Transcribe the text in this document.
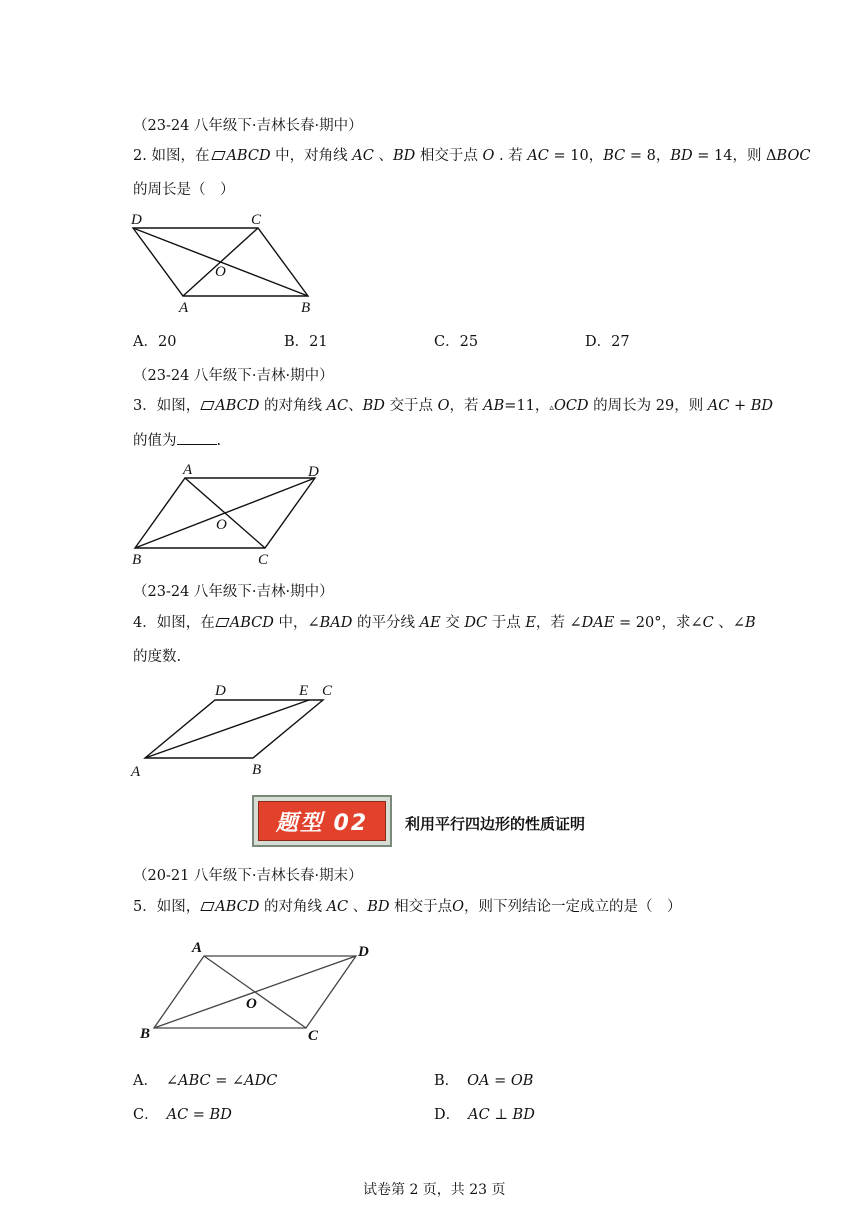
（23-24 八年级下·吉林长春·期中）
2. 如图，在 ABCD 中，对角线 AC 、BD 相交于点 O . 若 AC = 10，BC = 8，BD = 14，则 ΔBOC
的周长是（　）
D	C
O
A	B
A．20	B．21	C．25	D．27
（23-24 八年级下·吉林·期中）
3．如图， ABCD 的对角线 AC、BD 交于点 O，若 AB=11，▵OCD 的周长为 29，则 AC + BD
的值为	.
A	D
O
B	C
（23-24 八年级下·吉林·期中）
4．如图，在 ABCD 中，∠BAD 的平分线 AE 交 DC 于点 E，若 ∠DAE = 20°，求∠C 、∠B
的度数.
D	E C
A	B
题型 02	利用平行四边形的性质证明
（20-21 八年级下·吉林长春·期末）
5．如图， ABCD 的对角线 AC 、BD 相交于点O，则下列结论一定成立的是（　）
A	D
O
B	C
A． ∠ABC = ∠ADC	B． OA = OB
C． AC = BD	D． AC ⊥ BD
试卷第 2 页，共 23 页
